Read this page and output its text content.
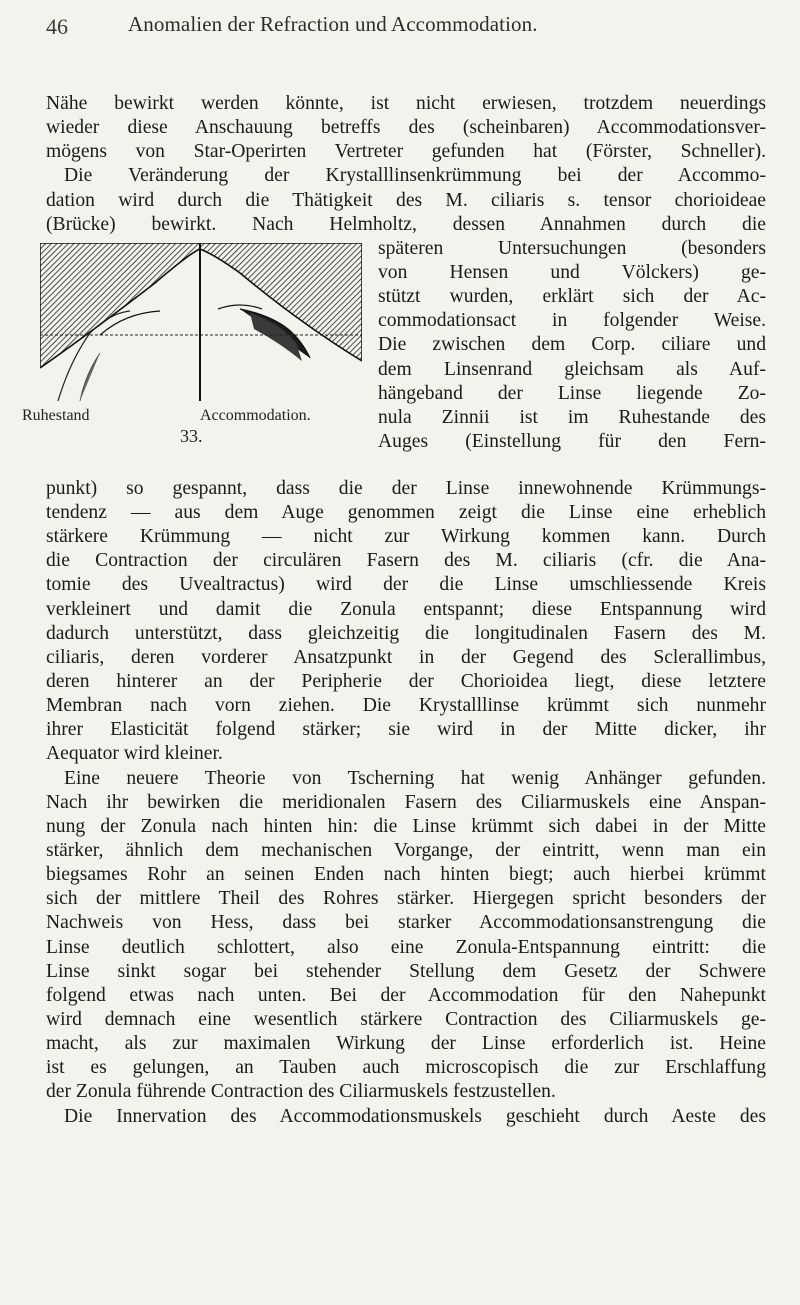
46	Anomalien der Refraction und Accommodation.
Nähe bewirkt werden könnte, ist nicht erwiesen, trotzdem neuerdings
wieder diese Anschauung betreffs des (scheinbaren) Accommodationsver-
mögens von Star-Operirten Vertreter gefunden hat (Förster, Schneller).
Die Veränderung der Krystalllinsenkrümmung bei der Accommo-
dation wird durch die Thätigkeit des M. ciliaris s. tensor chorioideae
(Brücke) bewirkt. Nach Helmholtz, dessen Annahmen durch die
Ruhestand	Accommodation.
33.
späteren Untersuchungen (besonders
von Hensen und Völckers) ge-
stützt wurden, erklärt sich der Ac-
commodationsact in folgender Weise.
Die zwischen dem Corp. ciliare und
dem Linsenrand gleichsam als Auf-
hängeband der Linse liegende Zo-
nula Zinnii ist im Ruhestande des
Auges (Einstellung für den Fern-
punkt) so gespannt, dass die der Linse innewohnende Krümmungs-
tendenz — aus dem Auge genommen zeigt die Linse eine erheblich
stärkere Krümmung — nicht zur Wirkung kommen kann. Durch
die Contraction der circulären Fasern des M. ciliaris (cfr. die Ana-
tomie des Uvealtractus) wird der die Linse umschliessende Kreis
verkleinert und damit die Zonula entspannt; diese Entspannung wird
dadurch unterstützt, dass gleichzeitig die longitudinalen Fasern des M.
ciliaris, deren vorderer Ansatzpunkt in der Gegend des Sclerallimbus,
deren hinterer an der Peripherie der Chorioidea liegt, diese letztere
Membran nach vorn ziehen. Die Krystalllinse krümmt sich nunmehr
ihrer Elasticität folgend stärker; sie wird in der Mitte dicker, ihr
Aequator wird kleiner.
Eine neuere Theorie von Tscherning hat wenig Anhänger gefunden.
Nach ihr bewirken die meridionalen Fasern des Ciliarmuskels eine Anspan-
nung der Zonula nach hinten hin: die Linse krümmt sich dabei in der Mitte
stärker, ähnlich dem mechanischen Vorgange, der eintritt, wenn man ein
biegsames Rohr an seinen Enden nach hinten biegt; auch hierbei krümmt
sich der mittlere Theil des Rohres stärker. Hiergegen spricht besonders der
Nachweis von Hess, dass bei starker Accommodationsanstrengung die
Linse deutlich schlottert, also eine Zonula-Entspannung eintritt: die
Linse sinkt sogar bei stehender Stellung dem Gesetz der Schwere
folgend etwas nach unten. Bei der Accommodation für den Nahepunkt
wird demnach eine wesentlich stärkere Contraction des Ciliarmuskels ge-
macht, als zur maximalen Wirkung der Linse erforderlich ist. Heine
ist es gelungen, an Tauben auch microscopisch die zur Erschlaffung
der Zonula führende Contraction des Ciliarmuskels festzustellen.
Die Innervation des Accommodationsmuskels geschieht durch Aeste des
